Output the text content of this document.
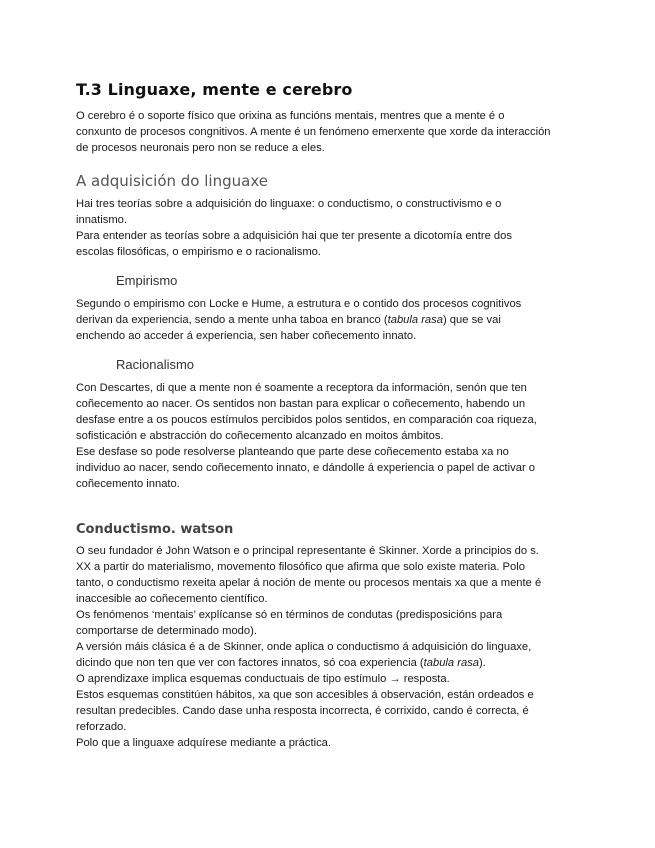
T.3 Linguaxe, mente e cerebro

O cerebro é o soporte físico que orixina as funcións mentais, mentres que a mente é o

conxunto de procesos congnitivos. A mente é un fenómeno emerxente que xorde da interacción

de procesos neuronais pero non se reduce a eles.

A adquisición do linguaxe

Hai tres teorías sobre a adquisición do linguaxe: o conductismo, o constructivismo e o

innatismo.

Para entender as teorías sobre a adquisición hai que ter presente a dicotomía entre dos

escolas filosóficas, o empirismo e o racionalismo.

Empirismo

Segundo o empirismo con Locke e Hume, a estrutura e o contido dos procesos cognitivos

derivan da experiencia, sendo a mente unha taboa en branco (tabula rasa) que se vai

enchendo ao acceder á experiencia, sen haber coñecemento innato.

Racionalismo

Con Descartes, di que a mente non é soamente a receptora da información, senón que ten

coñecemento ao nacer. Os sentidos non bastan para explicar o coñecemento, habendo un

desfase entre a os poucos estímulos percibidos polos sentidos, en comparación coa riqueza,

sofisticación e abstracción do coñecemento alcanzado en moitos ámbitos.

Ese desfase so pode resolverse planteando que parte dese coñecemento estaba xa no

individuo ao nacer, sendo coñecemento innato, e dándolle á experiencia o papel de activar o

coñecemento innato.

Conductismo. watson

O seu fundador é John Watson e o principal representante é Skinner. Xorde a principios do s.

XX a partir do materialismo, movemento filosófico que afirma que solo existe materia. Polo

tanto, o conductismo rexeita apelar á noción de mente ou procesos mentais xa que a mente é

inaccesible ao coñecemento científico.

Os fenómenos ‘mentais’ explícanse só en términos de condutas (predisposicións para

comportarse de determinado modo).

A versión máis clásica é a de Skinner, onde aplica o conductismo á adquisición do linguaxe,

dicindo que non ten que ver con factores innatos, só coa experiencia (tabula rasa).

O aprendizaxe implica esquemas conductuais de tipo estímulo → resposta.

Estos esquemas constitúen hábitos, xa que son accesibles á observación, están ordeados e

resultan predecibles. Cando dase unha resposta incorrecta, é corrixido, cando é correcta, é

reforzado.

Polo que a linguaxe adquírese mediante a práctica.
